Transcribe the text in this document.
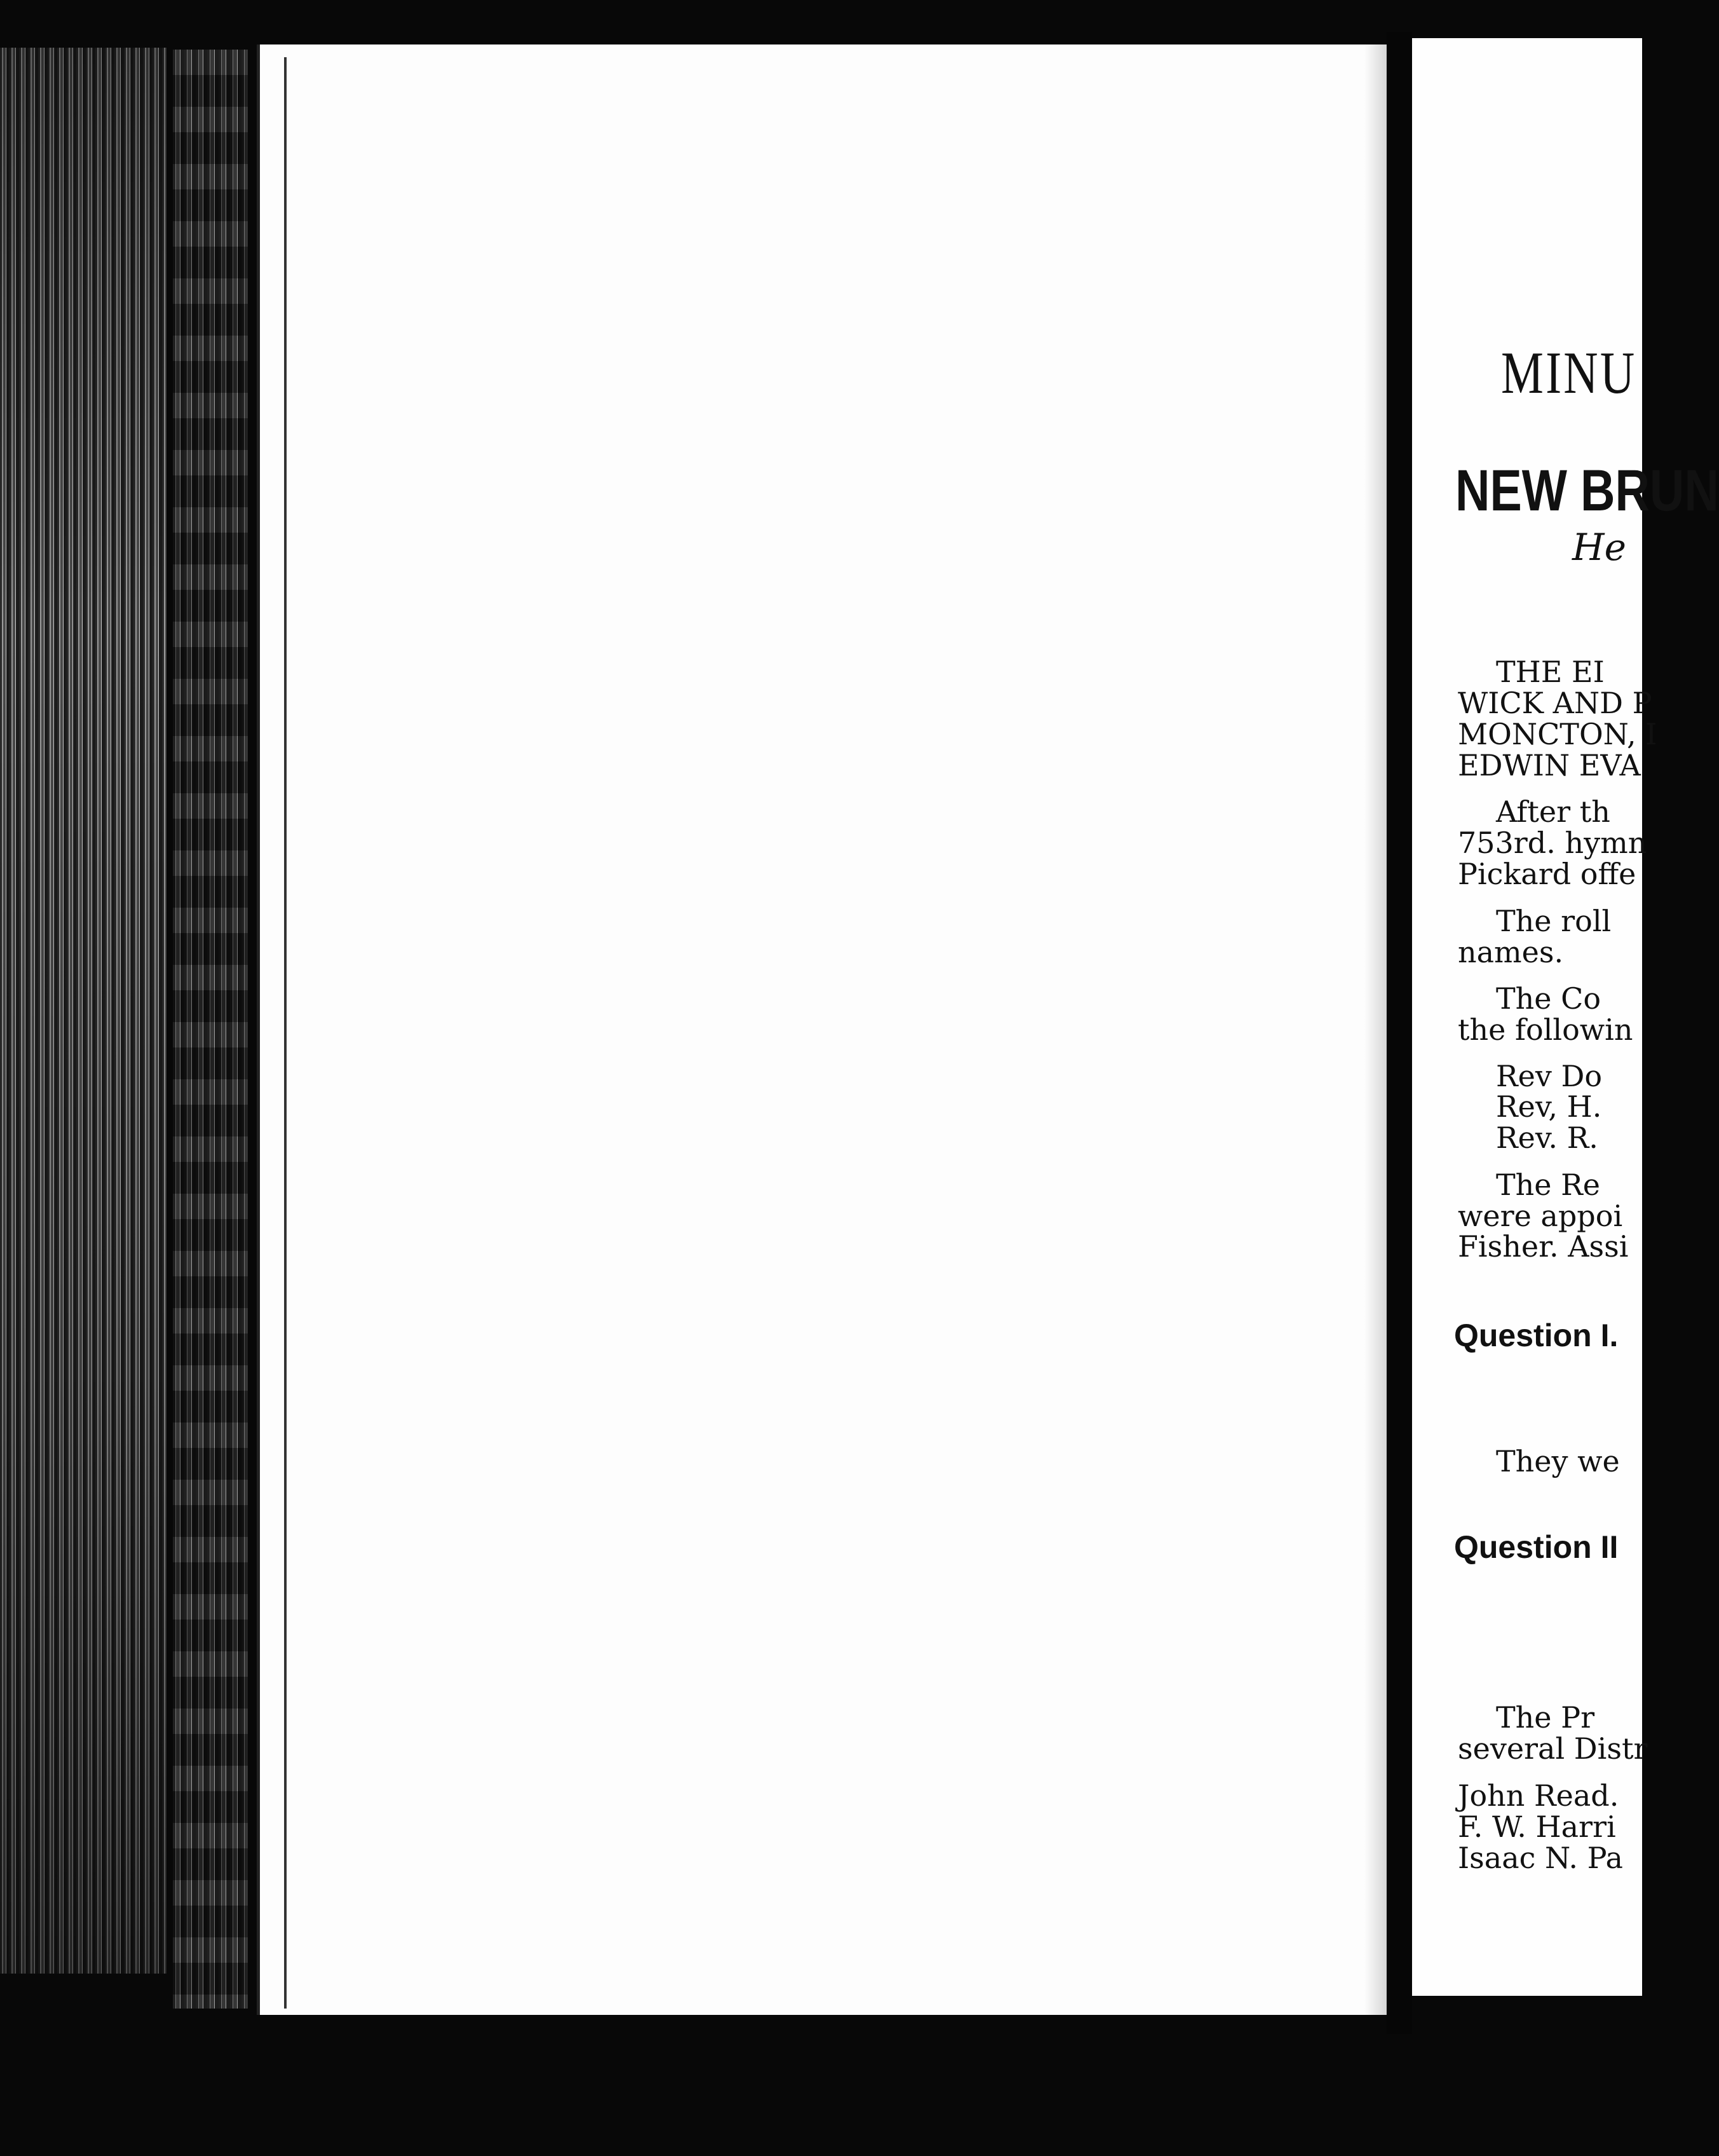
MINU
NEW BRUN
He
THE EI
WICK AND P
MONCTON, I
EDWIN EVA
After th
753rd. hymn
Pickard offe
The roll
names.
The Co
the followin
Rev Do
Rev, H.
Rev. R.
The Re
were appoi
Fisher. Assi
Question I.
They we
Question II
The Pr
several Distr
John Read.
F. W. Harri
Isaac N. Pa
